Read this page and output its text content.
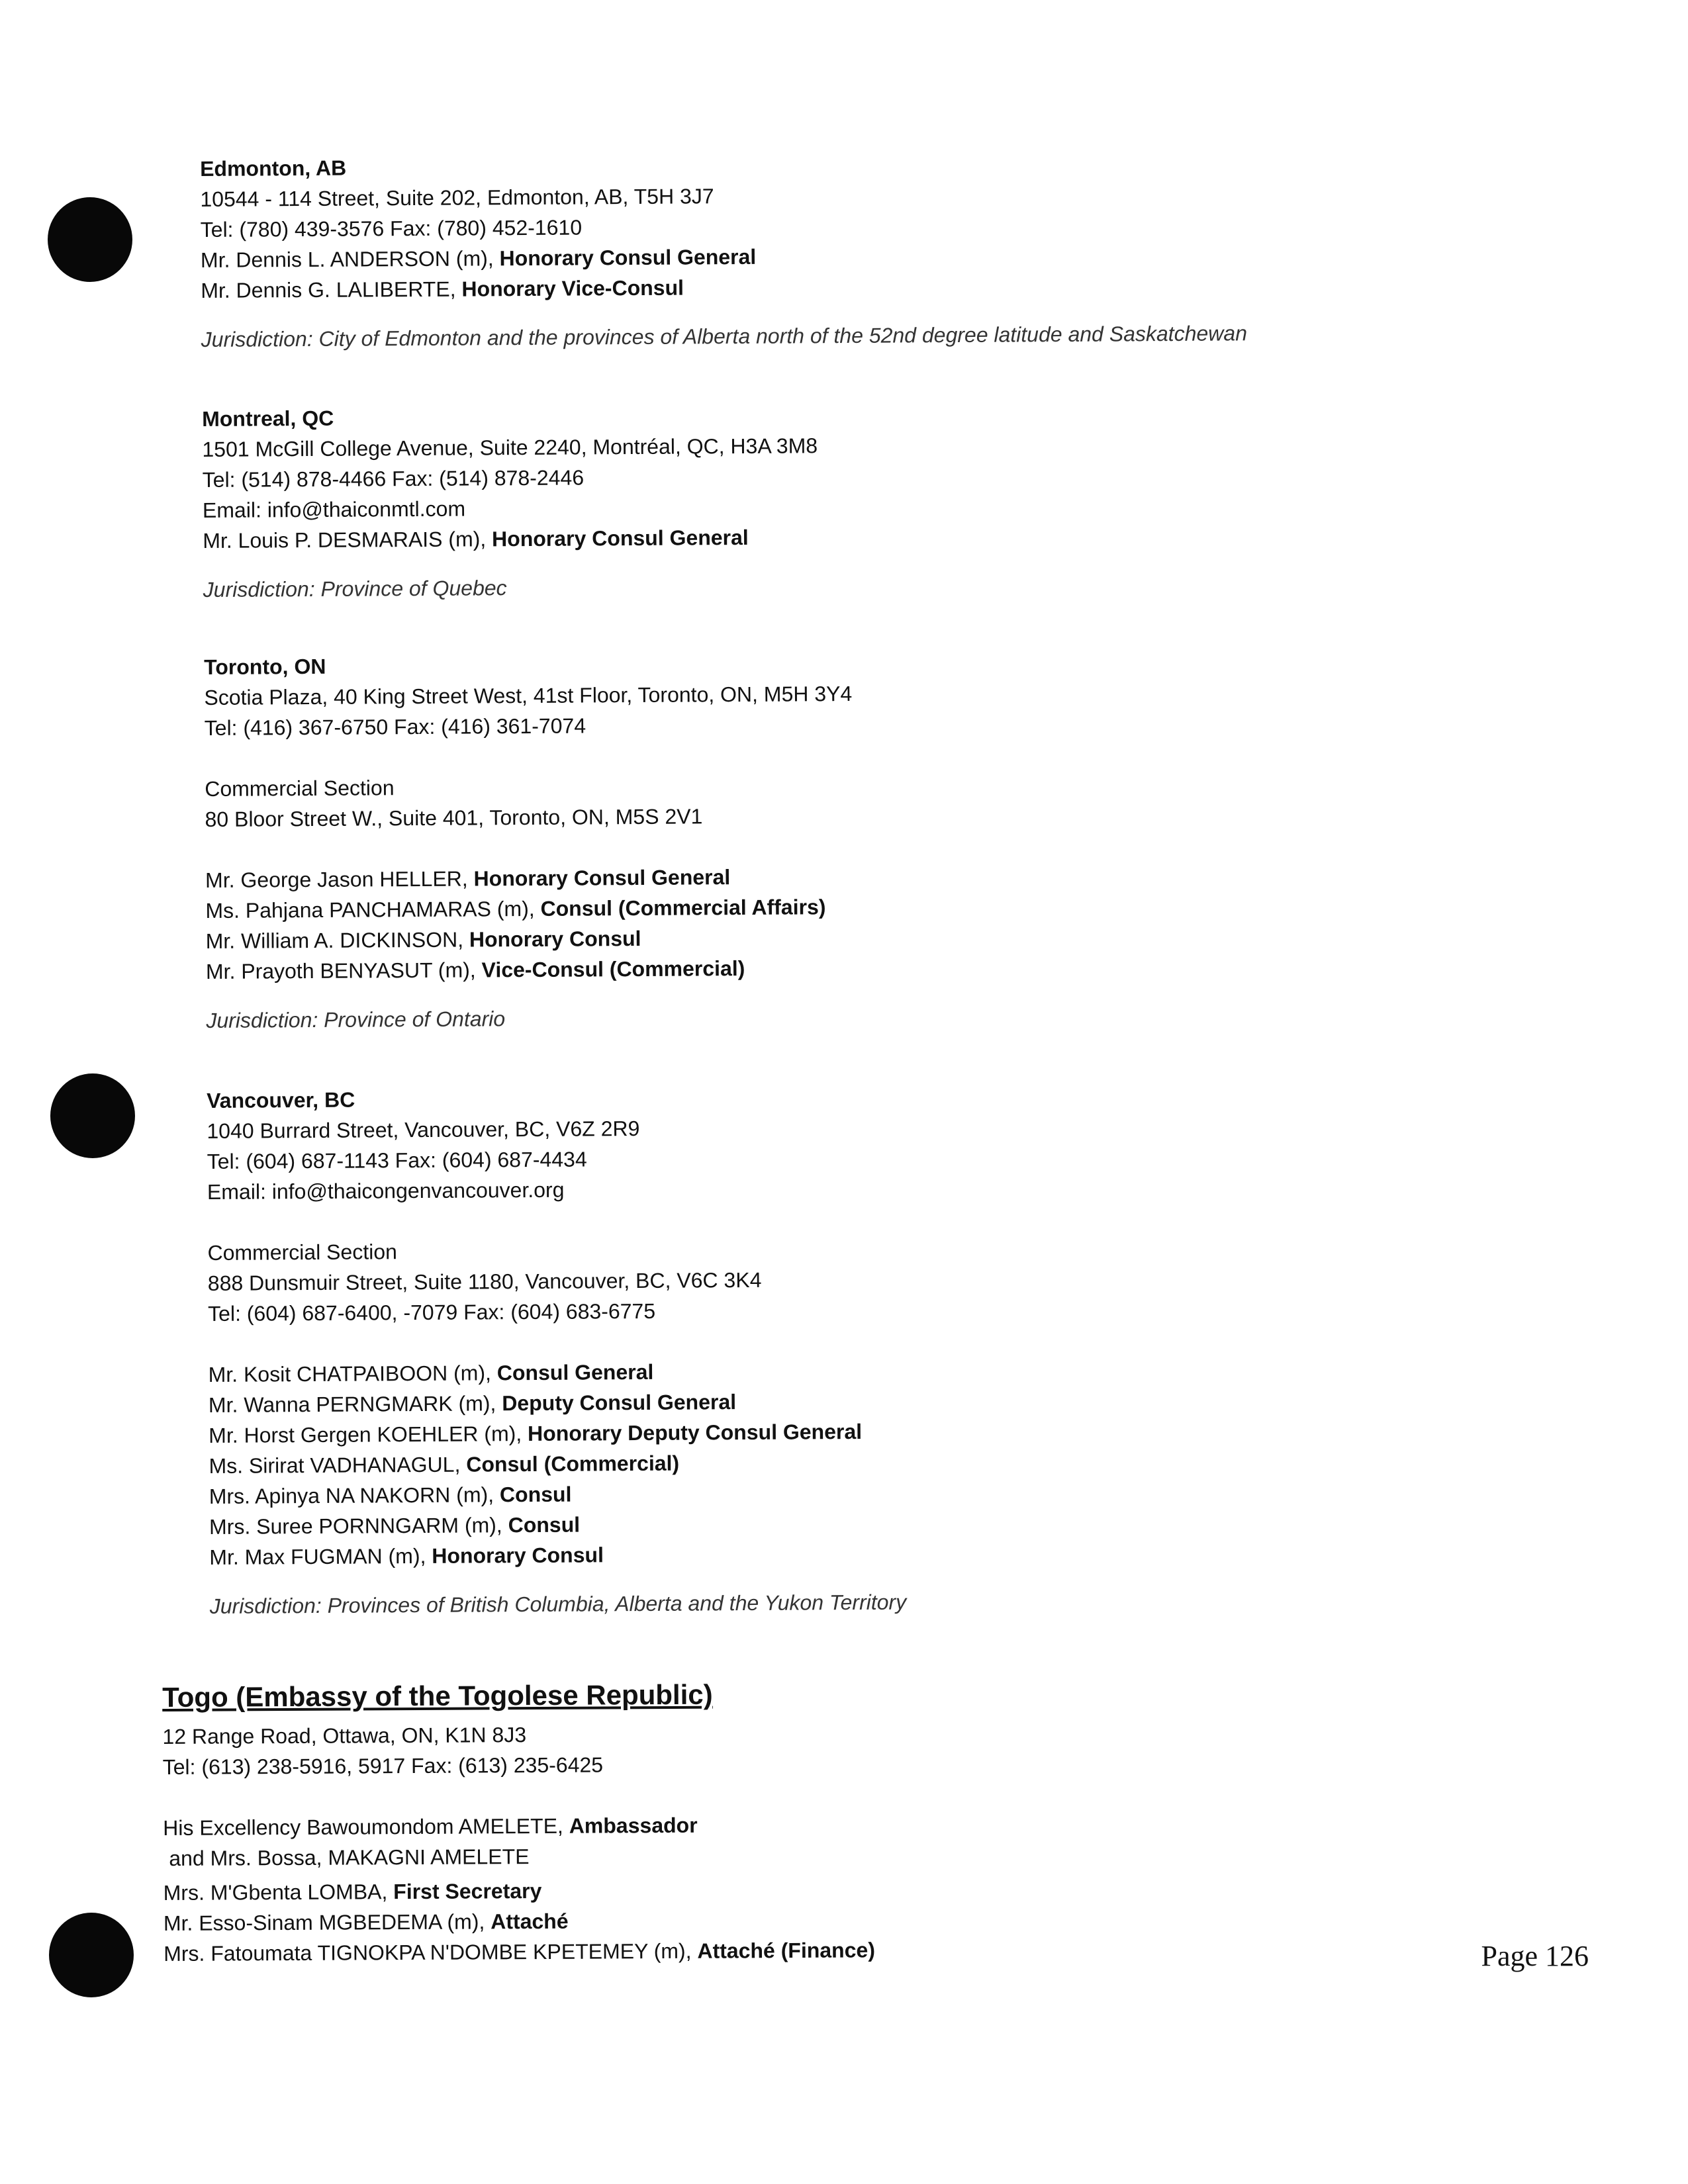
Edmonton, AB

10544 - 114 Street, Suite 202, Edmonton, AB, T5H 3J7

Tel: (780) 439-3576 Fax: (780) 452-1610

Mr. Dennis L. ANDERSON (m), Honorary Consul General

Mr. Dennis G. LALIBERTE, Honorary Vice-Consul

Jurisdiction: City of Edmonton and the provinces of Alberta north of the 52nd degree latitude and Saskatchewan

Montreal, QC

1501 McGill College Avenue, Suite 2240, Montréal, QC, H3A 3M8

Tel: (514) 878-4466 Fax: (514) 878-2446

Email: info@thaiconmtl.com

Mr. Louis P. DESMARAIS (m), Honorary Consul General

Jurisdiction: Province of Quebec

Toronto, ON

Scotia Plaza, 40 King Street West, 41st Floor, Toronto, ON, M5H 3Y4

Tel: (416) 367-6750 Fax: (416) 361-7074

Commercial Section

80 Bloor Street W., Suite 401, Toronto, ON, M5S 2V1

Mr. George Jason HELLER, Honorary Consul General

Ms. Pahjana PANCHAMARAS (m), Consul (Commercial Affairs)

Mr. William A. DICKINSON, Honorary Consul

Mr. Prayoth BENYASUT (m), Vice-Consul (Commercial)

Jurisdiction: Province of Ontario

Vancouver, BC

1040 Burrard Street, Vancouver, BC, V6Z 2R9

Tel: (604) 687-1143 Fax: (604) 687-4434

Email: info@thaicongenvancouver.org

Commercial Section

888 Dunsmuir Street, Suite 1180, Vancouver, BC, V6C 3K4

Tel: (604) 687-6400, -7079 Fax: (604) 683-6775

Mr. Kosit CHATPAIBOON (m), Consul General

Mr. Wanna PERNGMARK (m), Deputy Consul General

Mr. Horst Gergen KOEHLER (m), Honorary Deputy Consul General

Ms. Sirirat VADHANAGUL, Consul (Commercial)

Mrs. Apinya NA NAKORN (m), Consul

Mrs. Suree PORNNGARM (m), Consul

Mr. Max FUGMAN (m), Honorary Consul

Jurisdiction: Provinces of British Columbia, Alberta and the Yukon Territory

Togo (Embassy of the Togolese Republic)

12 Range Road, Ottawa, ON, K1N 8J3

Tel: (613) 238-5916, 5917 Fax: (613) 235-6425

His Excellency Bawoumondom AMELETE, Ambassador

and Mrs. Bossa, MAKAGNI AMELETE

Mrs. M'Gbenta LOMBA, First Secretary

Mr. Esso-Sinam MGBEDEMA (m), Attaché

Mrs. Fatoumata TIGNOKPA N'DOMBE KPETEMEY (m), Attaché (Finance)	Page 126
